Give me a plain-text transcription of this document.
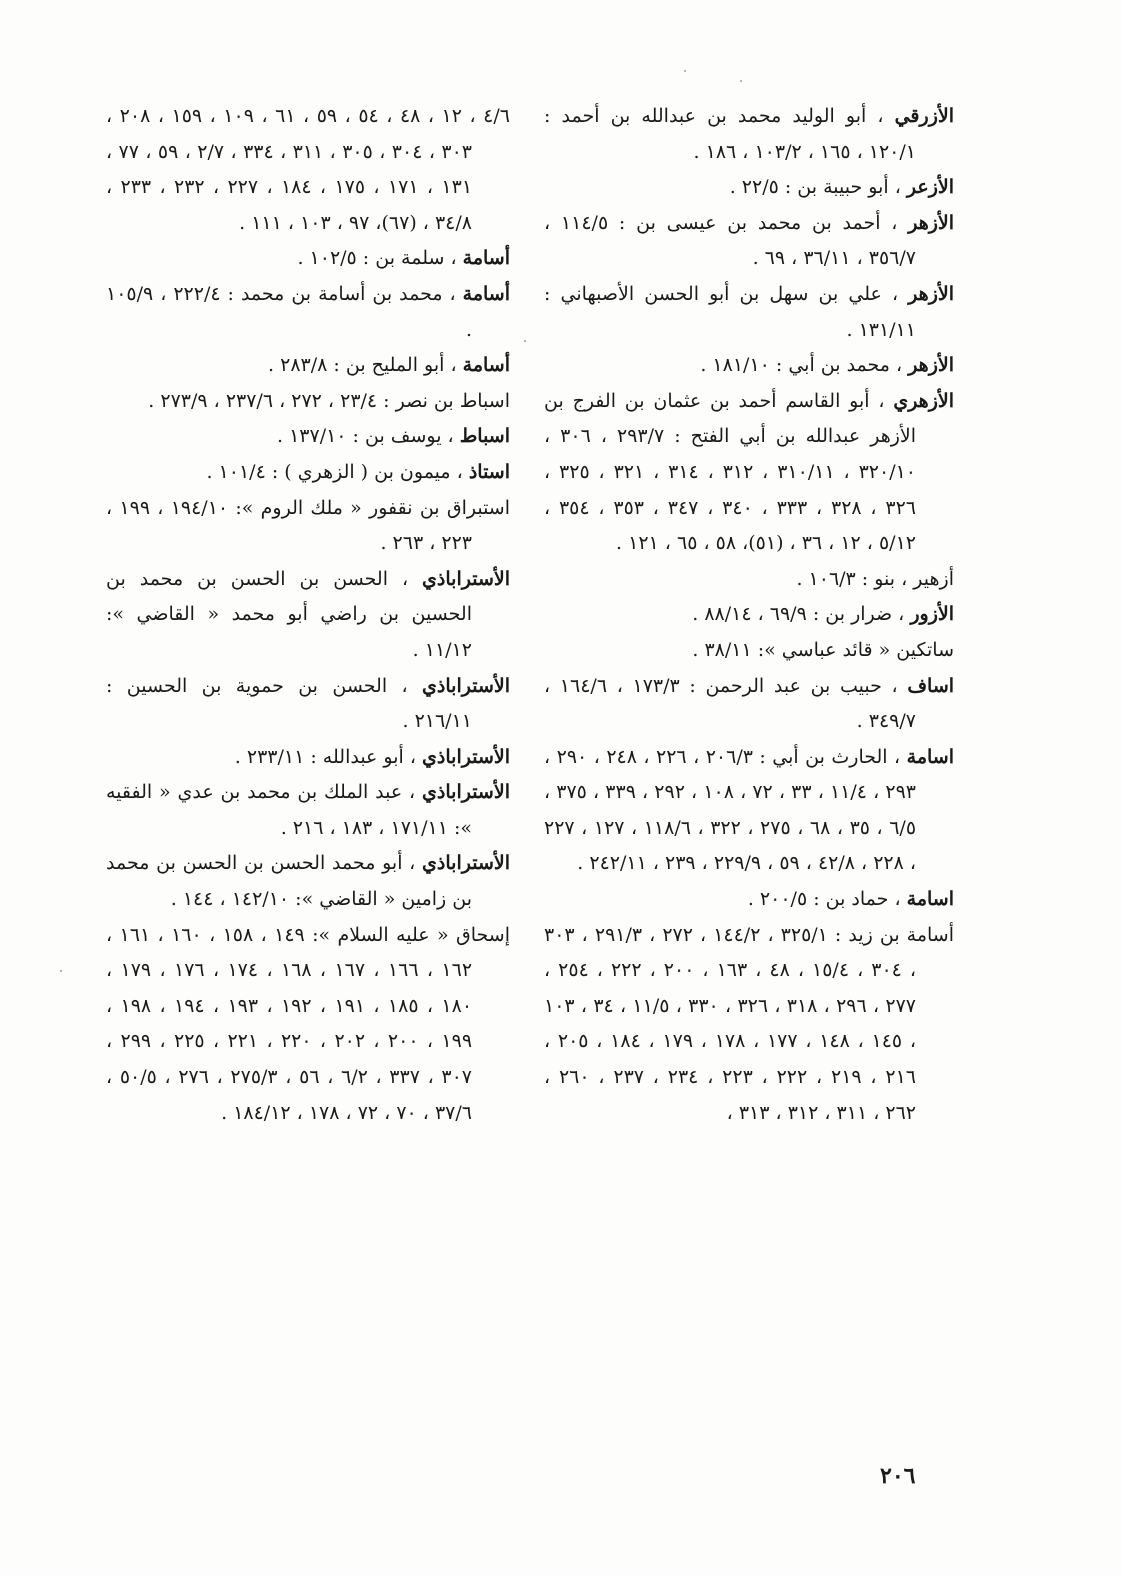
الأزرقي ، أبو الوليد محمد بن عبدالله بن أحمد : ١٢٠/١ ، ١٦٥ ، ١٠٣/٢ ، ١٨٦ .

الأزعر ، أبو حبيبة بن : ٢٢/٥ .

الأزهر ، أحمد بن محمد بن عيسى بن : ١١٤/٥ ، ٣٥٦/٧ ، ٣٦/١١ ، ٦٩ .

الأزهر ، علي بن سهل بن أبو الحسن الأصبهاني : ١٣١/١١ .

الأزهر ، محمد بن أبي : ١٨١/١٠ .

الأزهري ، أبو القاسم أحمد بن عثمان بن الفرج بن الأزهر عبدالله بن أبي الفتح : ٢٩٣/٧ ، ٣٠٦ ، ٣٢٠/١٠ ، ٣١٠/١١ ، ٣١٢ ، ٣١٤ ، ٣٢١ ، ٣٢٥ ، ٣٢٦ ، ٣٢٨ ، ٣٣٣ ، ٣٤٠ ، ٣٤٧ ، ٣٥٣ ، ٣٥٤ ، ٥/١٢ ، ١٢ ، ٣٦ ، (٥١)، ٥٨ ، ٦٥ ، ١٢١ .

أزهير ، بنو : ١٠٦/٣ .

الأزور ، ضرار بن : ٦٩/٩ ، ٨٨/١٤ .

ساتكين « قائد عباسي »: ٣٨/١١ .

اساف ، حبيب بن عبد الرحمن : ١٧٣/٣ ، ١٦٤/٦ ، ٣٤٩/٧ .

اسامة ، الحارث بن أبي : ٢٠٦/٣ ، ٢٢٦ ، ٢٤٨ ، ٢٩٠ ، ٢٩٣ ، ١١/٤ ، ٣٣ ، ٧٢ ، ١٠٨ ، ٢٩٢ ، ٣٣٩ ، ٣٧٥ ، ٦/٥ ، ٣٥ ، ٦٨ ، ٢٧٥ ، ٣٢٢ ، ١١٨/٦ ، ١٢٧ ، ٢٢٧ ، ٢٢٨ ، ٤٢/٨ ، ٥٩ ، ٢٢٩/٩ ، ٢٣٩ ، ٢٤٢/١١ .

اسامة ، حماد بن : ٢٠٠/٥ .

أسامة بن زيد : ٣٢٥/١ ، ١٤٤/٢ ، ٢٧٢ ، ٢٩١/٣ ، ٣٠٣ ، ٣٠٤ ، ١٥/٤ ، ٤٨ ، ١٦٣ ، ٢٠٠ ، ٢٢٢ ، ٢٥٤ ، ٢٧٧ ، ٢٩٦ ، ٣١٨ ، ٣٢٦ ، ٣٣٠ ، ١١/٥ ، ٣٤ ، ١٠٣ ، ١٤٥ ، ١٤٨ ، ١٧٧ ، ١٧٨ ، ١٧٩ ، ١٨٤ ، ٢٠٥ ، ٢١٦ ، ٢١٩ ، ٢٢٢ ، ٢٢٣ ، ٢٣٤ ، ٢٣٧ ، ٢٦٠ ، ٢٦٢ ، ٣١١ ، ٣١٢ ، ٣١٣ ،

٤/٦ ، ١٢ ، ٤٨ ، ٥٤ ، ٥٩ ، ٦١ ، ١٠٩ ، ١٥٩ ، ٢٠٨ ، ٣٠٣ ، ٣٠٤ ، ٣٠٥ ، ٣١١ ، ٣٣٤ ، ٢/٧ ، ٥٩ ، ٧٧ ، ١٣١ ، ١٧١ ، ١٧٥ ، ١٨٤ ، ٢٢٧ ، ٢٣٢ ، ٢٣٣ ، ٣٤/٨ ، (٦٧)، ٩٧ ، ١٠٣ ، ١١١ .

أسامة ، سلمة بن : ١٠٢/٥ .

أسامة ، محمد بن أسامة بن محمد : ٢٢٢/٤ ، ١٠٥/٩ .

أسامة ، أبو المليح بن : ٢٨٣/٨ .

اسباط بن نصر : ٢٣/٤ ، ٢٧٢ ، ٢٣٧/٦ ، ٢٧٣/٩ .

اسباط ، يوسف بن : ١٣٧/١٠ .

استاذ ، ميمون بن ( الزهري ) : ١٠١/٤ .

استبراق بن نقفور « ملك الروم »: ١٩٤/١٠ ، ١٩٩ ، ٢٢٣ ، ٢٦٣ .

الأستراباذي ، الحسن بن الحسن بن محمد بن الحسين بن راضي أبو محمد « القاضي »: ١١/١٢ .

الأستراباذي ، الحسن بن حموية بن الحسين : ٢١٦/١١ .

الأستراباذي ، أبو عبدالله : ٢٣٣/١١ .

الأستراباذي ، عبد الملك بن محمد بن عدي « الفقيه »: ١٧١/١١ ، ١٨٣ ، ٢١٦ .

الأستراباذي ، أبو محمد الحسن بن الحسن بن محمد بن زامين « القاضي »: ١٤٢/١٠ ، ١٤٤ .

إسحاق « عليه السلام »: ١٤٩ ، ١٥٨ ، ١٦٠ ، ١٦١ ، ١٦٢ ، ١٦٦ ، ١٦٧ ، ١٦٨ ، ١٧٤ ، ١٧٦ ، ١٧٩ ، ١٨٠ ، ١٨٥ ، ١٩١ ، ١٩٢ ، ١٩٣ ، ١٩٤ ، ١٩٨ ، ١٩٩ ، ٢٠٠ ، ٢٠٢ ، ٢٢٠ ، ٢٢١ ، ٢٢٥ ، ٢٩٩ ، ٣٠٧ ، ٣٣٧ ، ٦/٢ ، ٥٦ ، ٢٧٥/٣ ، ٢٧٦ ، ٥٠/٥ ، ٣٧/٦ ، ٧٠ ، ٧٢ ، ١٧٨ ، ١٨٤/١٢ .

٢٠٦
